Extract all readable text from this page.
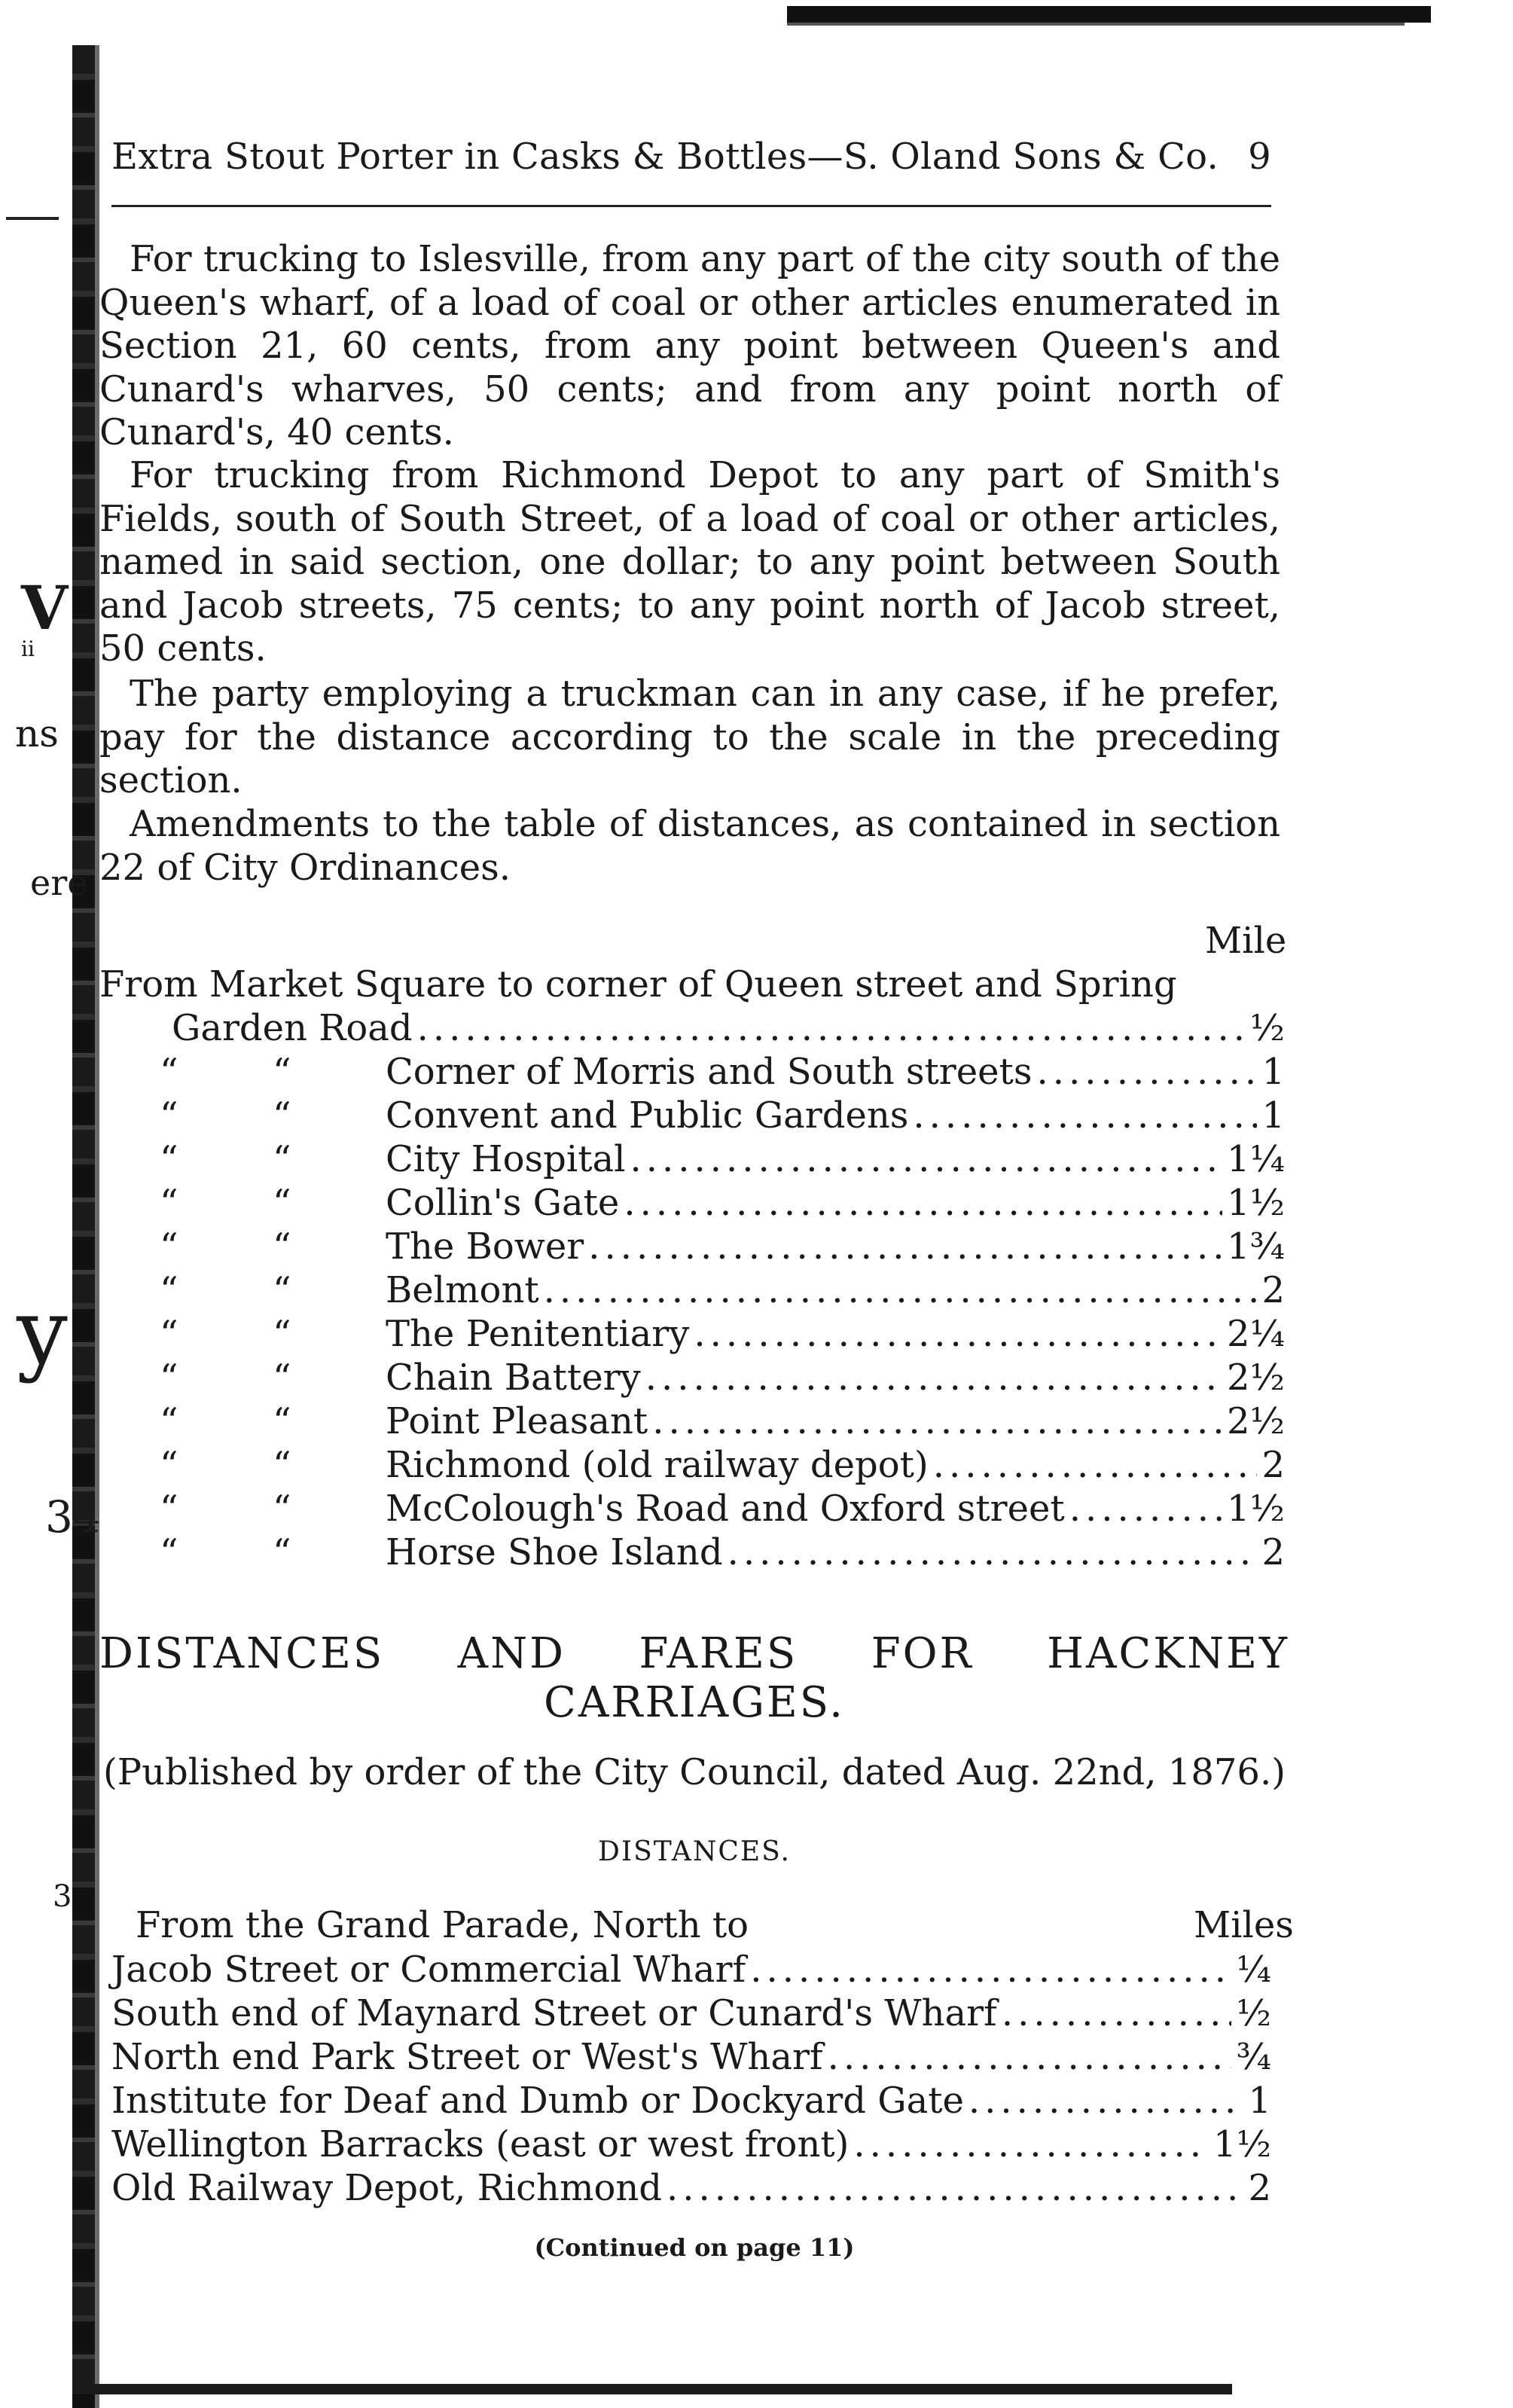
V
ii
ns
ere
y
34
3
Extra Stout Porter in Casks & Bottles—S. Oland Sons & Co. 9

For trucking to Islesville, from any part of the city south of the Queen's wharf, of a load of coal or other articles enumerated in Section 21, 60 cents, from any point between Queen's and Cunard's wharves, 50 cents; and from any point north of Cunard's, 40 cents.

For trucking from Richmond Depot to any part of Smith's Fields, south of South Street, of a load of coal or other articles, named in said section, one dollar; to any point between South and Jacob streets, 75 cents; to any point north of Jacob street, 50 cents.

The party employing a truckman can in any case, if he prefer, pay for the distance according to the scale in the preceding section.

Amendments to the table of distances, as contained in section 22 of City Ordinances.

Mile
From Market Square to corner of Queen street and Spring
Garden Road .....	½
“	“	Corner of Morris and South streets .....	1
“	“	Convent and Public Gardens .....	1
“	“	City Hospital .....	1¼
“	“	Collin's Gate .....	1½
“	“	The Bower .....	1¾
“	“	Belmont .....	2
“	“	The Penitentiary .....	2¼
“	“	Chain Battery .....	2½
“	“	Point Pleasant .....	2½
“	“	Richmond (old railway depot) .....	2
“	“	McColough's Road and Oxford street .....	1½
“	“	Horse Shoe Island .....	2
DISTANCES AND FARES FOR HACKNEY
CARRIAGES.
(Published by order of the City Council, dated Aug. 22nd, 1876.)
DISTANCES.
From the Grand Parade, North to	Miles
Jacob Street or Commercial Wharf .....	¼
South end of Maynard Street or Cunard's Wharf .....	½
North end Park Street or West's Wharf .....	¾
Institute for Deaf and Dumb or Dockyard Gate .....	1
Wellington Barracks (east or west front) .....	1½
Old Railway Depot, Richmond .....	2
(Continued on page 11)
